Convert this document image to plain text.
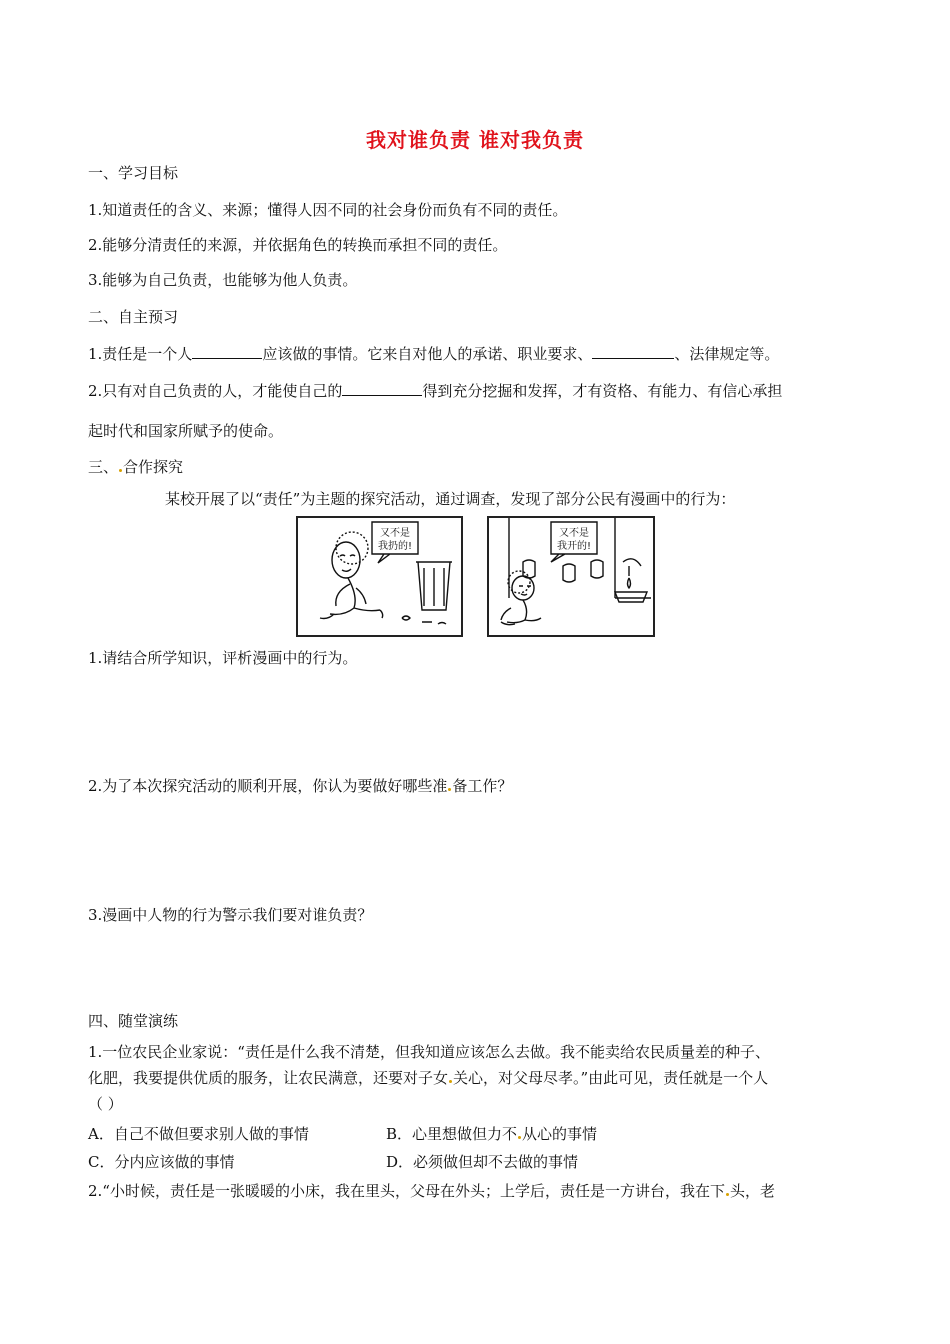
我对谁负责 谁对我负责
一、学习目标
1.知道责任的含义、来源；懂得人因不同的社会身份而负有不同的责任。
2.能够分清责任的来源，并依据角色的转换而承担不同的责任。
3.能够为自己负责，也能够为他人负责。
二、自主预习
1.责任是一个人	应该做的事情。它来自对他人的承诺、职业要求、	、法律规定等。
2.只有对自己负责的人，才能使自己的	得到充分挖掘和发挥，才有资格、有能力、有信心承担
起时代和国家所赋予的使命。
三、 合作探究
某校开展了以“责任”为主题的探究活动，通过调查，发现了部分公民有漫画中的行为：
又不是
我扔的!
又不是
我开的!
1.请结合所学知识，评析漫画中的行为。
2.为了本次探究活动的顺利开展，你认为要做好哪些准 备工作？
3.漫画中人物的行为警示我们要对谁负责？
四、随堂演练
1.一位农民企业家说：“责任是什么我不清楚，但我知道应该怎么去做。我不能卖给农民质量差的种子、
化肥，我要提供优质的服务，让农民满意，还要对子女 关心，对父母尽孝。”由此可见，责任就是一个人
（ ）
A．自己不做但要求别人做的事情	B．心里想做但力不 从心的事情
C．分内应该做的事情	D．必须做但却不去做的事情
2.“小时候，责任是一张暖暖的小床，我在里头，父母在外头；上学后，责任是一方讲台，我在下 头，老
